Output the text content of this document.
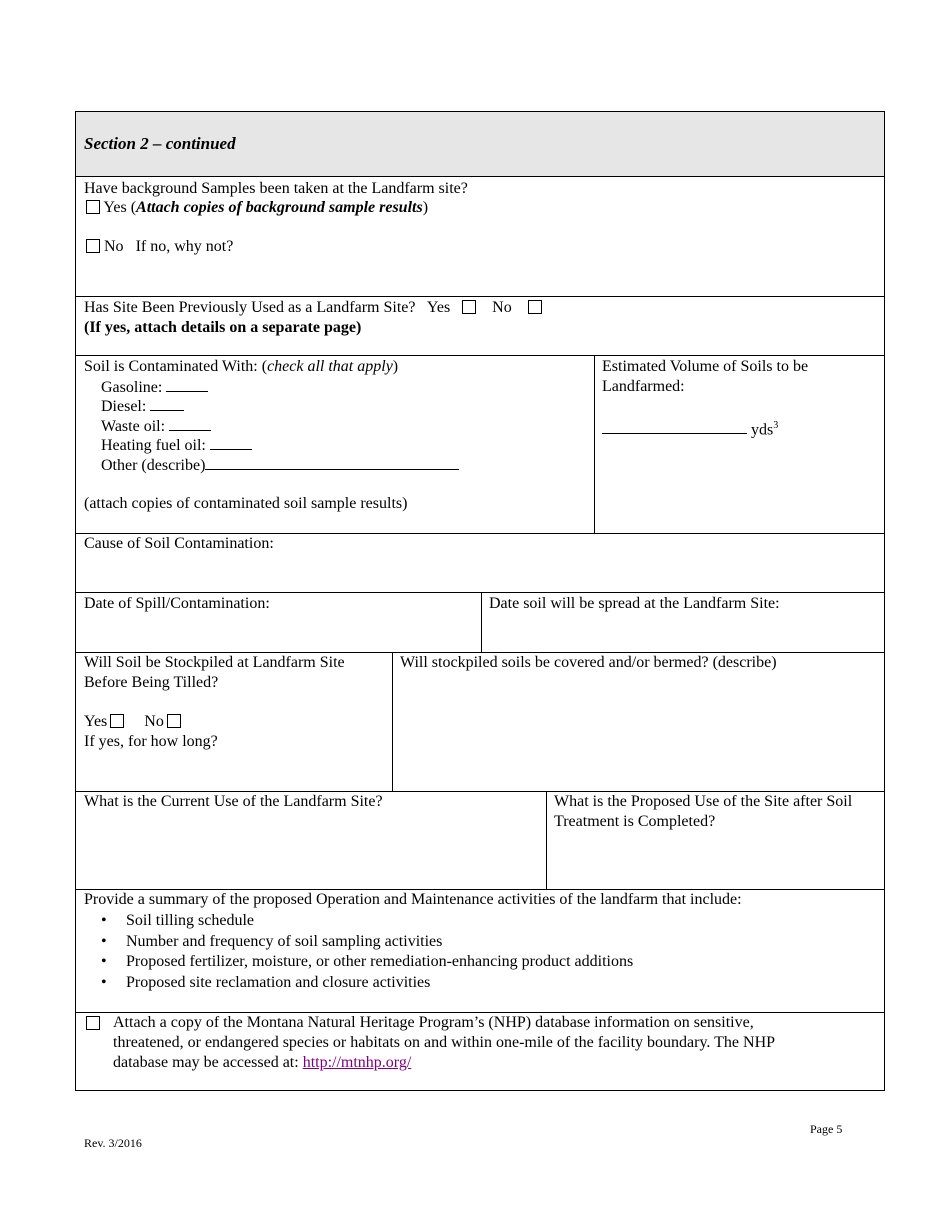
Section 2 – continued
Have background Samples been taken at the Landfarm site?
Yes (Attach copies of background sample results)
No If no, why not?
Has Site Been Previously Used as a Landfarm Site? Yes	No
(If yes, attach details on a separate page)
Soil is Contaminated With: (check all that apply)
Gasoline:
Diesel:
Waste oil:
Heating fuel oil:
Other (describe)
(attach copies of contaminated soil sample results)
Estimated Volume of Soils to be
Landfarmed:
yds$^3$
Cause of Soil Contamination:
Date of Spill/Contamination:	Date soil will be spread at the Landfarm Site:
Will Soil be Stockpiled at Landfarm Site
Before Being Tilled?
Yes No
If yes, for how long?
Will stockpiled soils be covered and/or bermed? (describe)
What is the Current Use of the Landfarm Site?	What is the Proposed Use of the Site after Soil
Treatment is Completed?
Provide a summary of the proposed Operation and Maintenance activities of the landfarm that include:
• Soil tilling schedule
• Number and frequency of soil sampling activities
• Proposed fertilizer, moisture, or other remediation-enhancing product additions
• Proposed site reclamation and closure activities
Attach a copy of the Montana Natural Heritage Program’s (NHP) database information on sensitive,
threatened, or endangered species or habitats on and within one-mile of the facility boundary. The NHP
database may be accessed at: http://mtnhp.org/
Page 5
Rev. 3/2016
